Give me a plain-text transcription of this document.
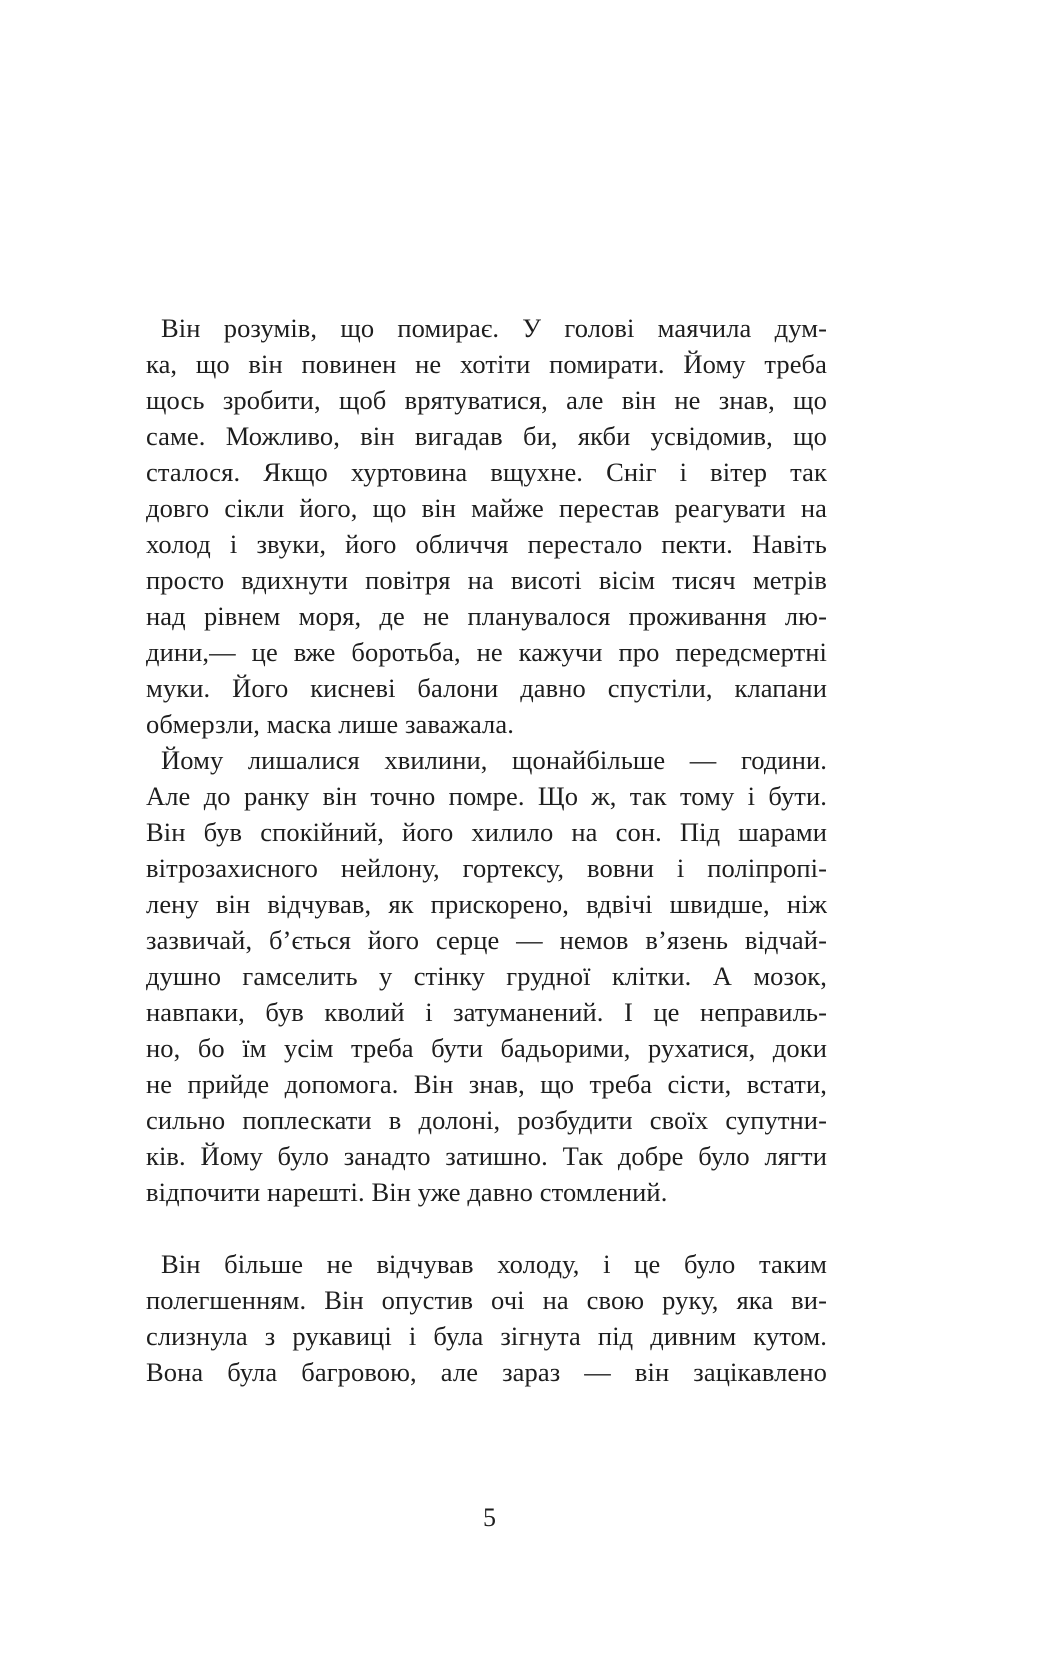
Він розумів, що помирає. У голові маячила дум-
ка, що він повинен не хотіти помирати. Йому треба
щось зробити, щоб врятуватися, але він не знав, що
саме. Можливо, він вигадав би, якби усвідомив, що
сталося. Якщо хуртовина вщухне. Сніг і вітер так
довго сікли його, що він майже перестав реагувати на
холод і звуки, його обличчя перестало пекти. Навіть
просто вдихнути повітря на висоті вісім тисяч метрів
над рівнем моря, де не планувалося проживання лю-
дини,— це вже боротьба, не кажучи про передсмертні
муки. Його кисневі балони давно спустіли, клапани
обмерзли, маска лише заважала.
Йому лишалися хвилини, щонайбільше — години.
Але до ранку він точно помре. Що ж, так тому і бути.
Він був спокійний, його хилило на сон. Під шарами
вітрозахисного нейлону, гортексу, вовни і поліпропі-
лену він відчував, як прискорено, вдвічі швидше, ніж
зазвичай, б’ється його серце — немов в’язень відчай-
душно гамселить у стінку грудної клітки. А мозок,
навпаки, був кволий і затуманений. І це неправиль-
но, бо їм усім треба бути бадьорими, рухатися, доки
не прийде допомога. Він знав, що треба сісти, встати,
сильно поплескати в долоні, розбудити своїх супутни-
ків. Йому було занадто затишно. Так добре було лягти
відпочити нарешті. Він уже давно стомлений.
Він більше не відчував холоду, і це було таким
полегшенням. Він опустив очі на свою руку, яка ви-
слизнула з рукавиці і була зігнута під дивним кутом.
Вона була багровою, але зараз — він зацікавлено
5
